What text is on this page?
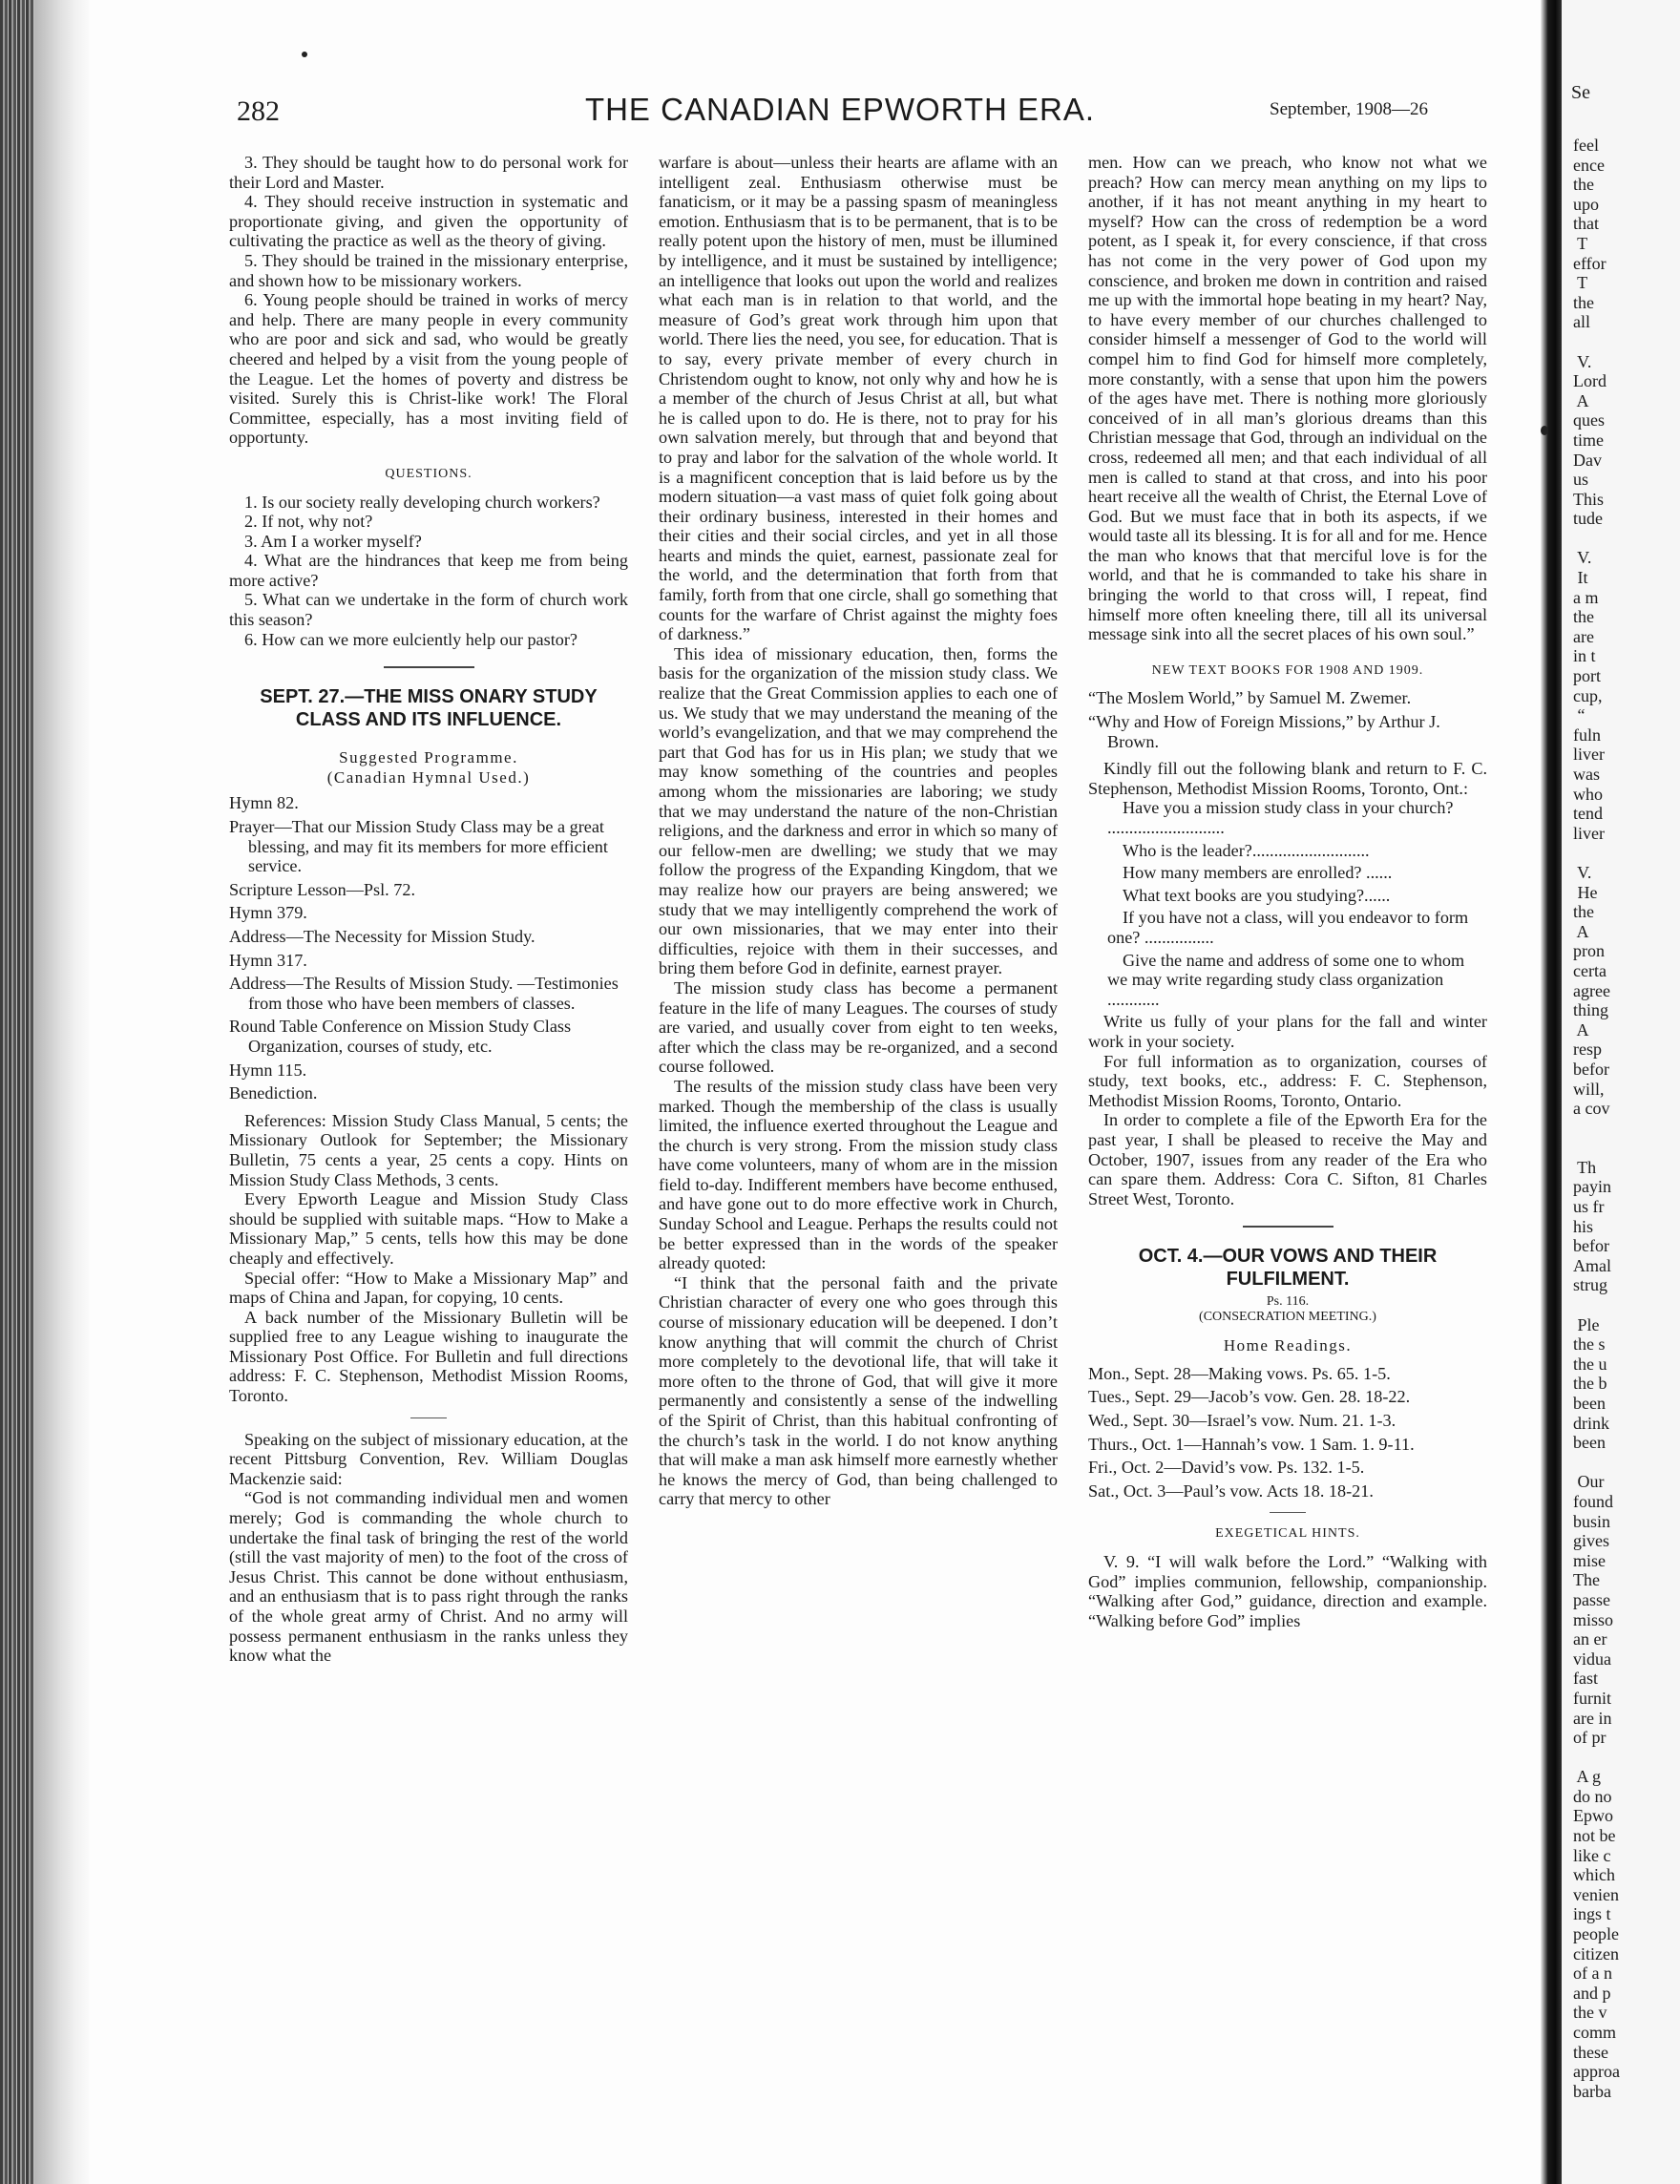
282	THE CANADIAN EPWORTH ERA.	September, 1908—26

3. They should be taught how to do personal work for their Lord and Master.

4. They should receive instruction in systematic and proportionate giving, and given the opportunity of cultivating the practice as well as the theory of giving.

5. They should be trained in the missionary enterprise, and shown how to be missionary workers.

6. Young people should be trained in works of mercy and help. There are many people in every community who are poor and sick and sad, who would be greatly cheered and helped by a visit from the young people of the League. Let the homes of poverty and distress be visited. Surely this is Christ-like work! The Floral Committee, especially, has a most inviting field of opportunty.

QUESTIONS.

1. Is our society really developing church workers?

2. If not, why not?

3. Am I a worker myself?

4. What are the hindrances that keep me from being more active?

5. What can we undertake in the form of church work this season?

6. How can we more eulciently help our pastor?

SEPT. 27.—THE MISS ONARY STUDY CLASS AND ITS INFLUENCE.
Suggested Programme.
(Canadian Hymnal Used.)

Hymn 82.

Prayer—That our Mission Study Class may be a great blessing, and may fit its members for more efficient service.

Scripture Lesson—Psl. 72.

Hymn 379.

Address—The Necessity for Mission Study.

Hymn 317.

Address—The Results of Mission Study. —Testimonies from those who have been members of classes.

Round Table Conference on Mission Study Class Organization, courses of study, etc.

Hymn 115.

Benediction.

References: Mission Study Class Manual, 5 cents; the Missionary Outlook for September; the Missionary Bulletin, 75 cents a year, 25 cents a copy. Hints on Mission Study Class Methods, 3 cents.

Every Epworth League and Mission Study Class should be supplied with suitable maps. “How to Make a Missionary Map,” 5 cents, tells how this may be done cheaply and effectively.

Special offer: “How to Make a Missionary Map” and maps of China and Japan, for copying, 10 cents.

A back number of the Missionary Bulletin will be supplied free to any League wishing to inaugurate the Missionary Post Office. For Bulletin and full directions address: F. C. Stephenson, Methodist Mission Rooms, Toronto.

Speaking on the subject of missionary education, at the recent Pittsburg Convention, Rev. William Douglas Mackenzie said:

“God is not commanding individual men and women merely; God is commanding the whole church to undertake the final task of bringing the rest of the world (still the vast majority of men) to the foot of the cross of Jesus Christ. This cannot be done without enthusiasm, and an enthusiasm that is to pass right through the ranks of the whole great army of Christ. And no army will possess permanent enthusiasm in the ranks unless they know what the

warfare is about—unless their hearts are aflame with an intelligent zeal. Enthusiasm otherwise must be fanaticism, or it may be a passing spasm of meaningless emotion. Enthusiasm that is to be permanent, that is to be really potent upon the history of men, must be illumined by intelligence, and it must be sustained by intelligence; an intelligence that looks out upon the world and realizes what each man is in relation to that world, and the measure of God’s great work through him upon that world. There lies the need, you see, for education. That is to say, every private member of every church in Christendom ought to know, not only why and how he is a member of the church of Jesus Christ at all, but what he is called upon to do. He is there, not to pray for his own salvation merely, but through that and beyond that to pray and labor for the salvation of the whole world. It is a magnificent conception that is laid before us by the modern situation—a vast mass of quiet folk going about their ordinary business, interested in their homes and their cities and their social circles, and yet in all those hearts and minds the quiet, earnest, passionate zeal for the world, and the determination that forth from that family, forth from that one circle, shall go something that counts for the warfare of Christ against the mighty foes of darkness.”

This idea of missionary education, then, forms the basis for the organization of the mission study class. We realize that the Great Commission applies to each one of us. We study that we may understand the meaning of the world’s evangelization, and that we may comprehend the part that God has for us in His plan; we study that we may know something of the countries and peoples among whom the missionaries are laboring; we study that we may understand the nature of the non-Christian religions, and the darkness and error in which so many of our fellow-men are dwelling; we study that we may follow the progress of the Expanding Kingdom, that we may realize how our prayers are being answered; we study that we may intelligently comprehend the work of our own missionaries, that we may enter into their difficulties, rejoice with them in their successes, and bring them before God in definite, earnest prayer.

The mission study class has become a permanent feature in the life of many Leagues. The courses of study are varied, and usually cover from eight to ten weeks, after which the class may be re-organized, and a second course followed.

The results of the mission study class have been very marked. Though the membership of the class is usually limited, the influence exerted throughout the League and the church is very strong. From the mission study class have come volunteers, many of whom are in the mission field to-day. Indifferent members have become enthused, and have gone out to do more effective work in Church, Sunday School and League. Perhaps the results could not be better expressed than in the words of the speaker already quoted:

“I think that the personal faith and the private Christian character of every one who goes through this course of missionary education will be deepened. I don’t know anything that will commit the church of Christ more completely to the devotional life, that will take it more often to the throne of God, that will give it more permanently and consistently a sense of the indwelling of the Spirit of Christ, than this habitual confronting of the church’s task in the world. I do not know anything that will make a man ask himself more earnestly whether he knows the mercy of God, than being challenged to carry that mercy to other

men. How can we preach, who know not what we preach? How can mercy mean anything on my lips to another, if it has not meant anything in my heart to myself? How can the cross of redemption be a word potent, as I speak it, for every conscience, if that cross has not come in the very power of God upon my conscience, and broken me down in contrition and raised me up with the immortal hope beating in my heart? Nay, to have every member of our churches challenged to consider himself a messenger of God to the world will compel him to find God for himself more completely, more constantly, with a sense that upon him the powers of the ages have met. There is nothing more gloriously conceived of in all man’s glorious dreams than this Christian message that God, through an individual on the cross, redeemed all men; and that each individual of all men is called to stand at that cross, and into his poor heart receive all the wealth of Christ, the Eternal Love of God. But we must face that in both its aspects, if we would taste all its blessing. It is for all and for me. Hence the man who knows that that merciful love is for the world, and that he is commanded to take his share in bringing the world to that cross will, I repeat, find himself more often kneeling there, till all its universal message sink into all the secret places of his own soul.”

NEW TEXT BOOKS FOR 1908 AND 1909.

“The Moslem World,” by Samuel M. Zwemer.

“Why and How of Foreign Missions,” by Arthur J. Brown.

Kindly fill out the following blank and return to F. C. Stephenson, Methodist Mission Rooms, Toronto, Ont.:

Have you a mission study class in your church? ...........................

Who is the leader?...........................

How many members are enrolled? ......

What text books are you studying?......

If you have not a class, will you endeavor to form one? ................

Give the name and address of some one to whom we may write regarding study class organization ............

Write us fully of your plans for the fall and winter work in your society.

For full information as to organization, courses of study, text books, etc., address: F. C. Stephenson, Methodist Mission Rooms, Toronto, Ontario.

In order to complete a file of the Epworth Era for the past year, I shall be pleased to receive the May and October, 1907, issues from any reader of the Era who can spare them. Address: Cora C. Sifton, 81 Charles Street West, Toronto.

OCT. 4.—OUR VOWS AND THEIR FULFILMENT.
Ps. 116.
(CONSECRATION MEETING.)
Home Readings.

Mon., Sept. 28—Making vows. Ps. 65. 1-5.

Tues., Sept. 29—Jacob’s vow. Gen. 28. 18-22.

Wed., Sept. 30—Israel’s vow. Num. 21. 1-3.

Thurs., Oct. 1—Hannah’s vow. 1 Sam. 1. 9-11.

Fri., Oct. 2—David’s vow. Ps. 132. 1-5.

Sat., Oct. 3—Paul’s vow. Acts 18. 18-21.

EXEGETICAL HINTS.

V. 9. “I will walk before the Lord.” “Walking with God” implies communion, fellowship, companionship. “Walking after God,” guidance, direction and example. “Walking before God” implies

Se
feel
ence
the
upo
that
T
effor
T
the
all

V.
Lord
A
ques
time
Dav
us
This
tude

V.
It
a m
the
are
in t
port
cup,
“
fuln
liver
was
who
tend
liver

V.
He
the
A
pron
certa
agree
thing
A
resp
befor
will,
a cov

Th
payin
us fr
his
befor
Amal
strug

Ple
the s
the u
the b
been
drink
been

Our
found
busin
gives
mise
The
passe
misso
an er
vidua
fast
furnit
are in
of pr

A g
do no
Epwo
not be
like c
which
venien
ings t
people
citizen
of a n
and p
the v
comm
these
approa
barba
